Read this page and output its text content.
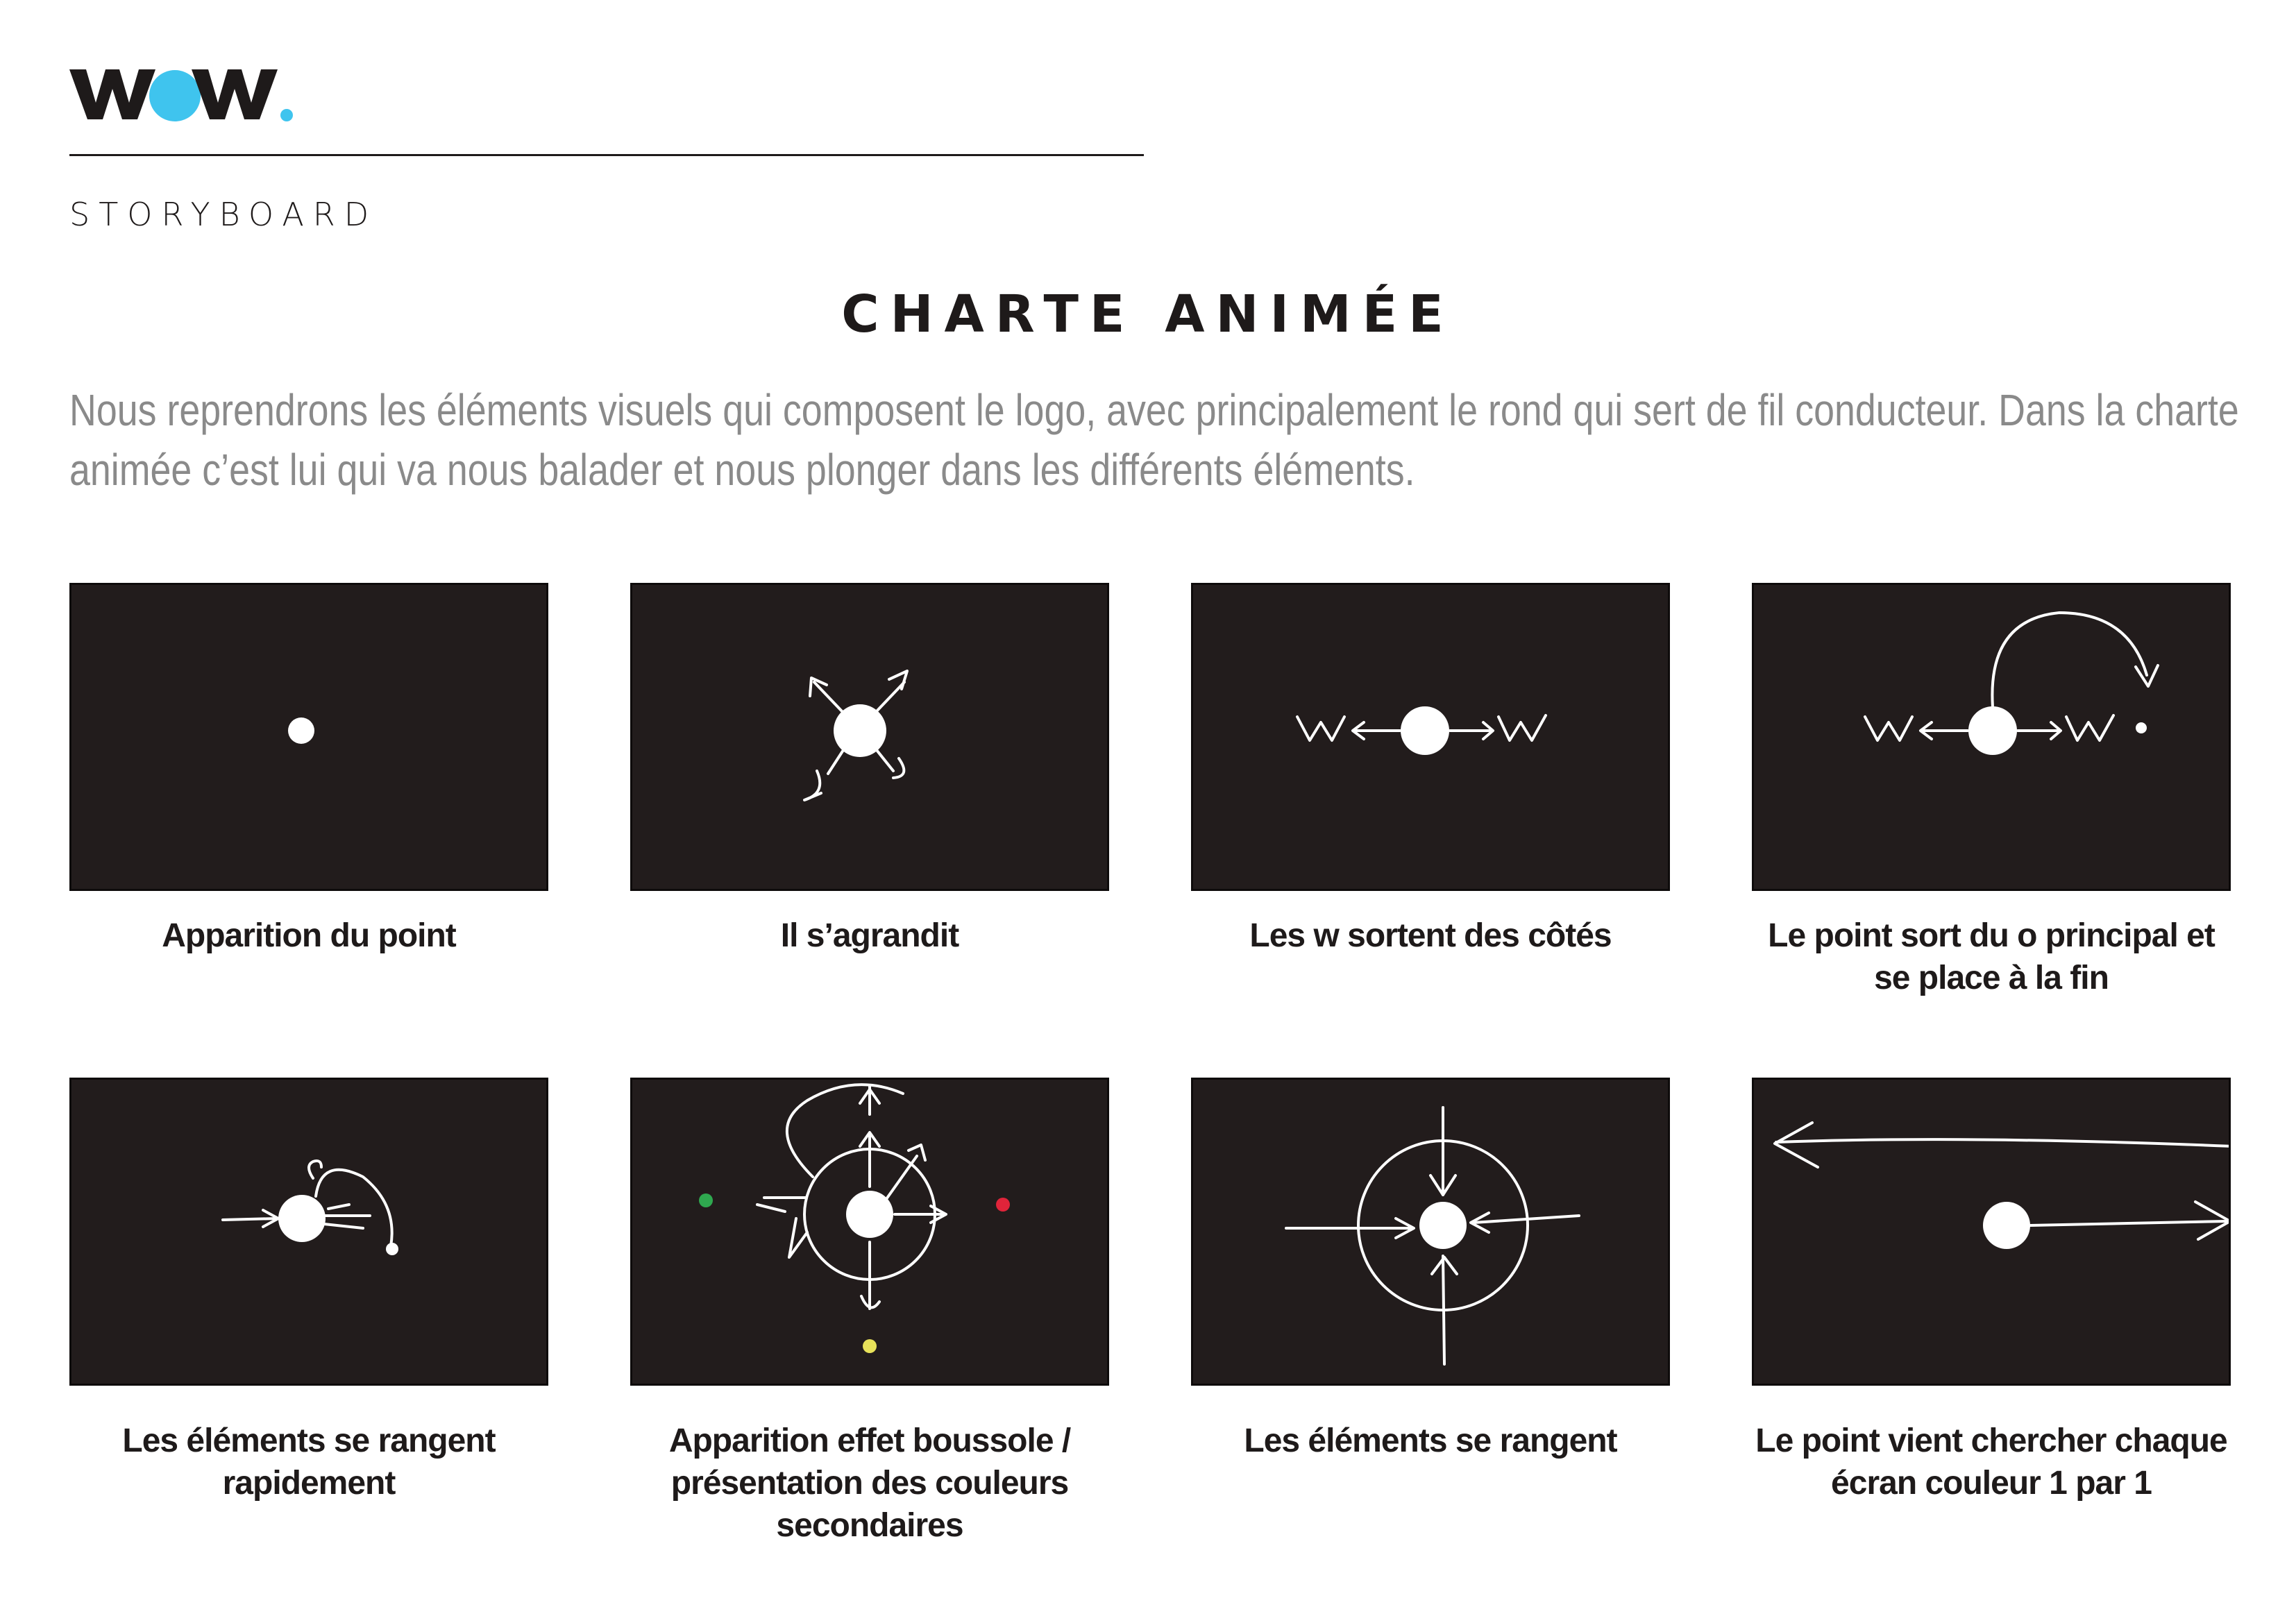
STORYBOARD
CHARTE ANIMÉE
Nous reprendrons les éléments visuels qui composent le logo, avec principalement le rond qui sert de fil conducteur. Dans la charte animée c’est lui qui va nous balader et nous plonger dans les différents éléments.
Apparition du point	Il s’agrandit	Les w sortent des côtés	Le point sort du o principal et se place à la fin
Les éléments se rangent rapidement
Apparition effet boussole / présentation des couleurs secondaires
Les éléments se rangent	Le point vient chercher chaque écran couleur 1 par 1
